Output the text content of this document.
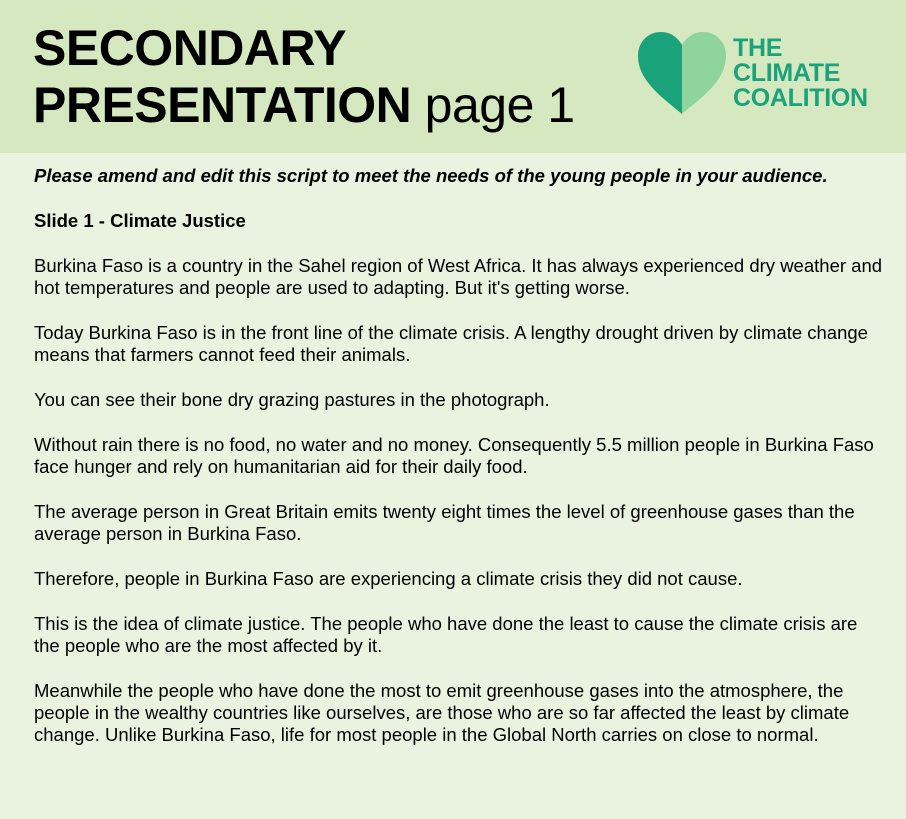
SECONDARY
PRESENTATION page 1
THE
CLIMATE
COALITION

Please amend and edit this script to meet the needs of the young people in your audience.

Slide 1 - Climate Justice

Burkina Faso is a country in the Sahel region of West Africa. It has always experienced dry weather and hot temperatures and people are used to adapting. But it's getting worse.

Today Burkina Faso is in the front line of the climate crisis. A lengthy drought driven by climate change means that farmers cannot feed their animals.

You can see their bone dry grazing pastures in the photograph.

Without rain there is no food, no water and no money. Consequently 5.5 million people in Burkina Faso face hunger and rely on humanitarian aid for their daily food.

The average person in Great Britain emits twenty eight times the level of greenhouse gases than the average person in Burkina Faso.

Therefore, people in Burkina Faso are experiencing a climate crisis they did not cause.

This is the idea of climate justice. The people who have done the least to cause the climate crisis are the people who are the most affected by it.

Meanwhile the people who have done the most to emit greenhouse gases into the atmosphere, the people in the wealthy countries like ourselves, are those who are so far affected the least by climate change. Unlike Burkina Faso, life for most people in the Global North carries on close to normal.
